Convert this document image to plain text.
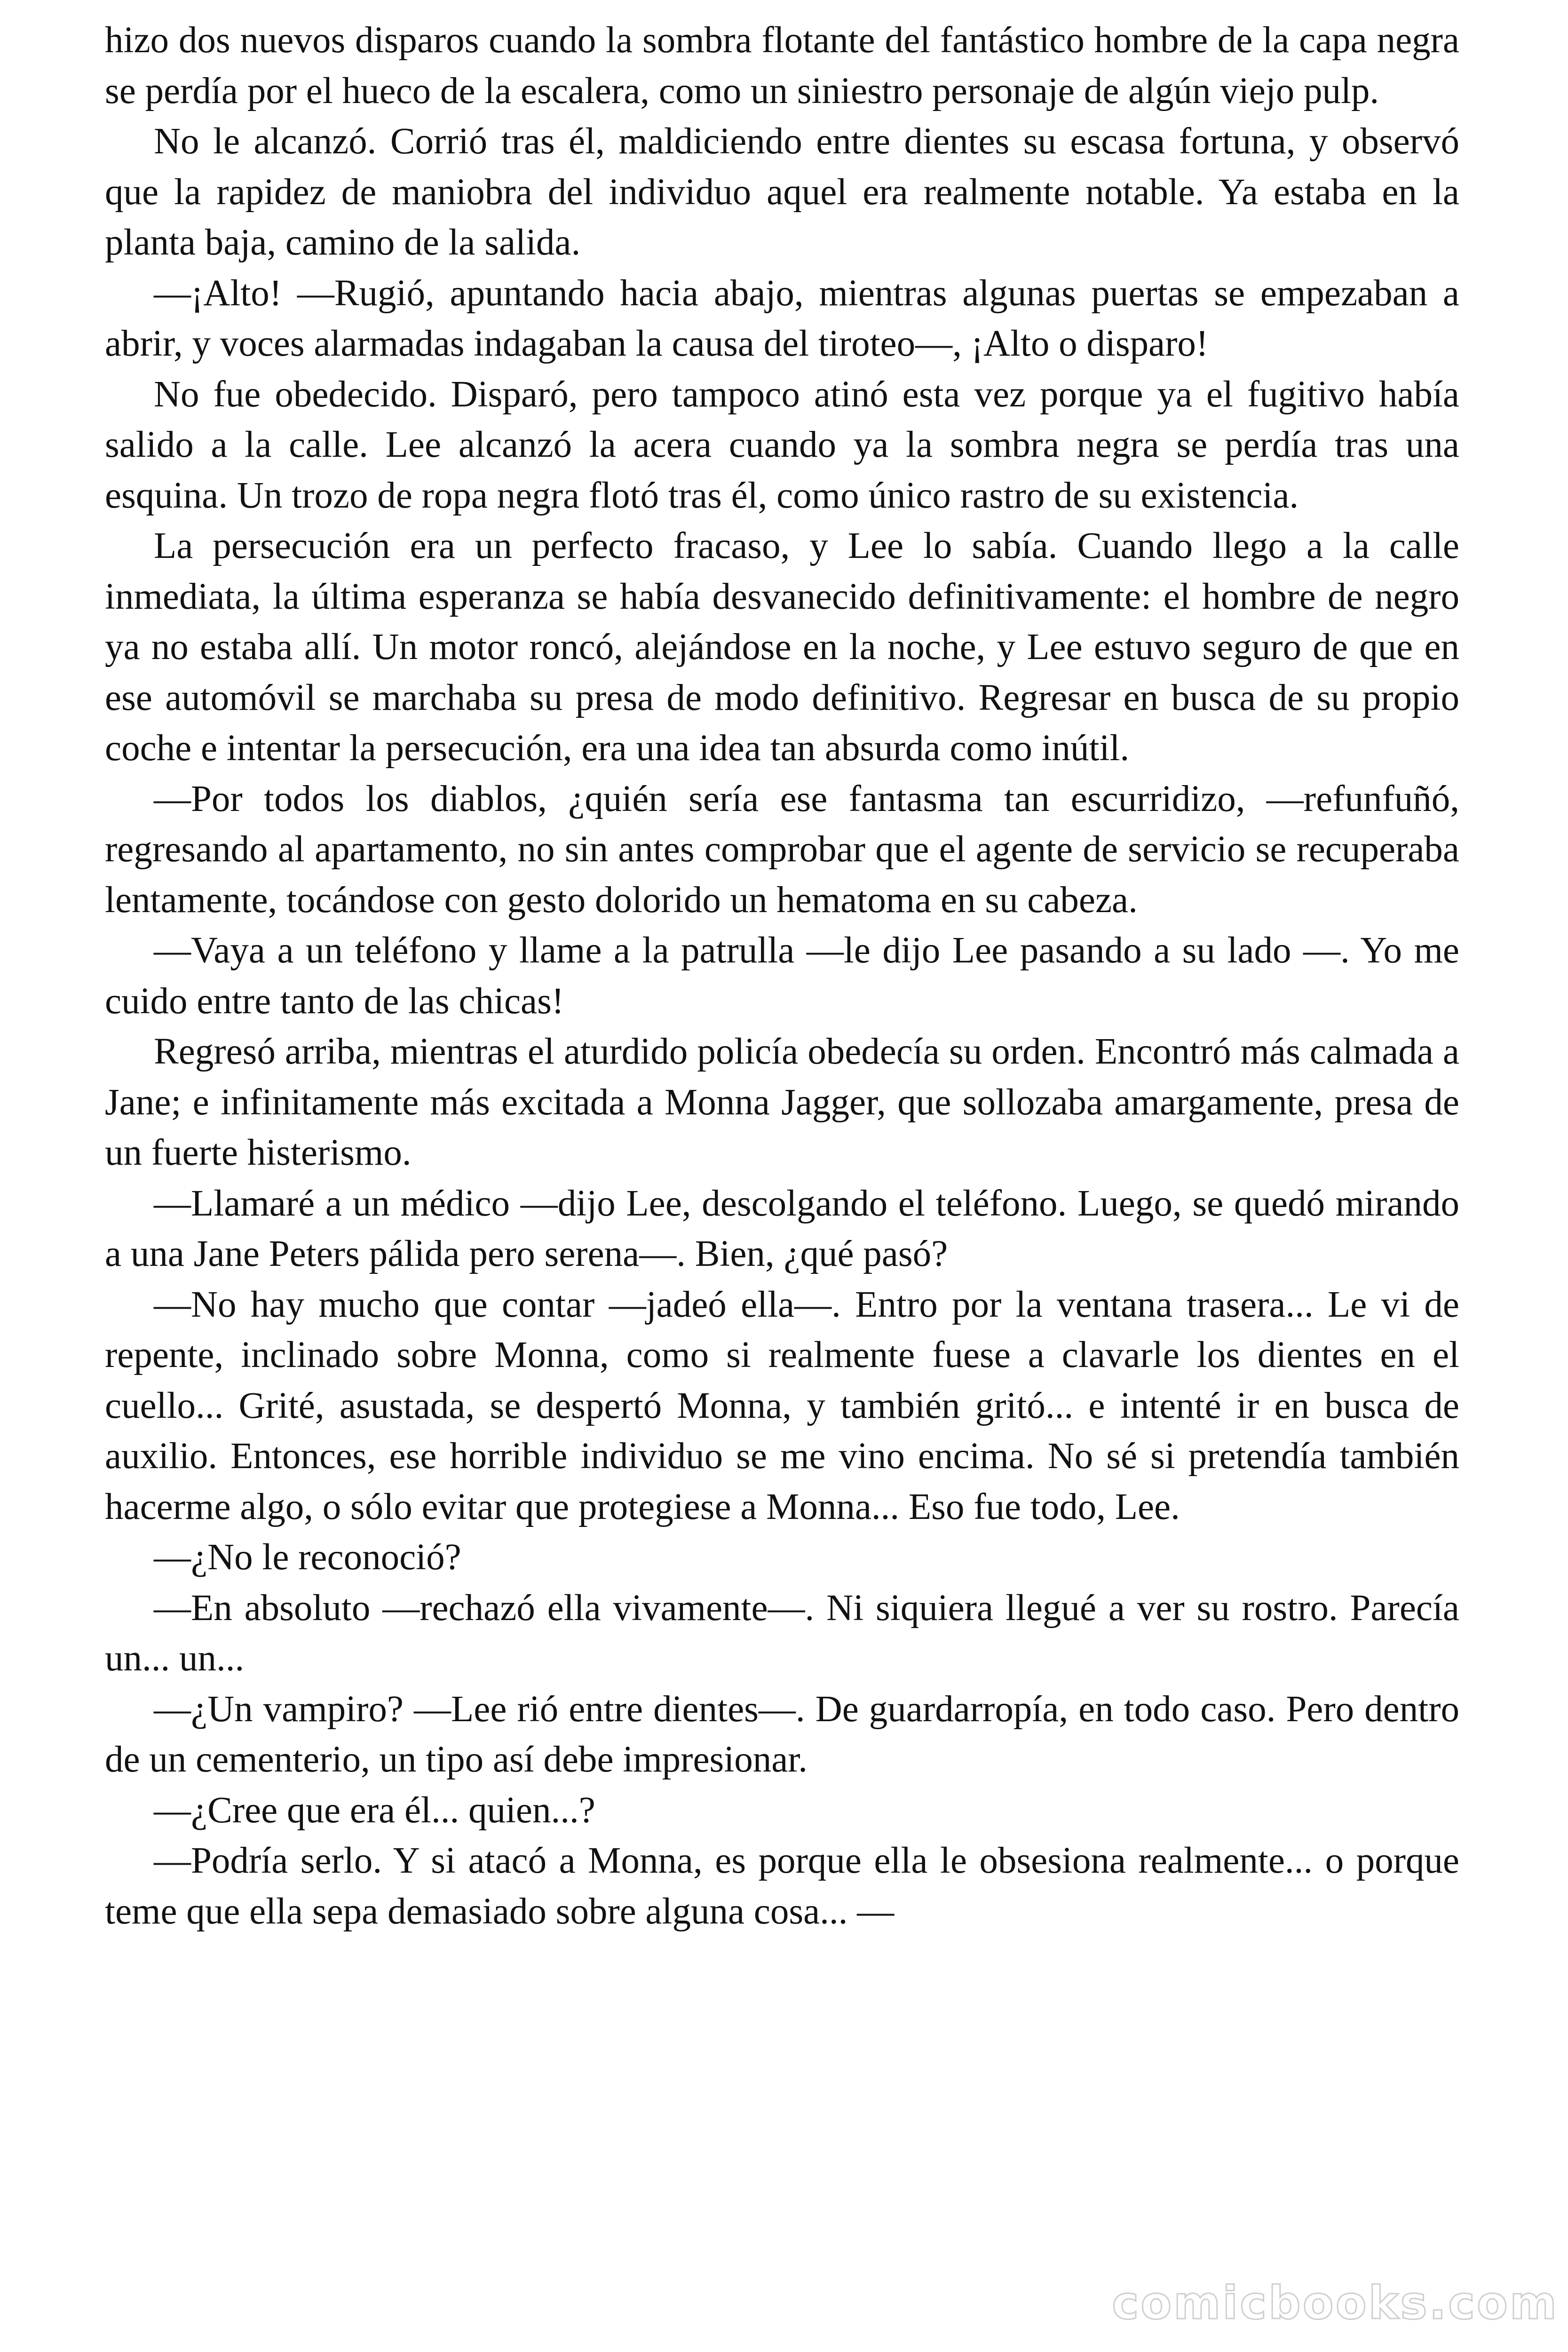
hizo dos nuevos disparos cuando la sombra flotante del fantástico hombre de la capa negra se perdía por el hueco de la escalera, como un siniestro personaje de algún viejo pulp.

No le alcanzó. Corrió tras él, maldiciendo entre dientes su escasa fortuna, y observó que la rapidez de maniobra del individuo aquel era realmente notable. Ya estaba en la planta baja, camino de la salida.

—¡Alto! —Rugió, apuntando hacia abajo, mientras algunas puertas se empezaban a abrir, y voces alarmadas indagaban la causa del tiroteo—, ¡Alto o disparo!

No fue obedecido. Disparó, pero tampoco atinó esta vez porque ya el fugitivo había salido a la calle. Lee alcanzó la acera cuando ya la sombra negra se perdía tras una esquina. Un trozo de ropa negra flotó tras él, como único rastro de su existencia.

La persecución era un perfecto fracaso, y Lee lo sabía. Cuando llego a la calle inmediata, la última esperanza se había desvanecido definitivamente: el hombre de negro ya no estaba allí. Un motor roncó, alejándose en la noche, y Lee estuvo seguro de que en ese automóvil se marchaba su presa de modo definitivo. Regresar en busca de su propio coche e intentar la persecución, era una idea tan absurda como inútil.

—Por todos los diablos, ¿quién sería ese fantasma tan escurridizo, —refunfuñó, regresando al apartamento, no sin antes comprobar que el agente de servicio se recuperaba lentamente, tocándose con gesto dolorido un hematoma en su cabeza.

—Vaya a un teléfono y llame a la patrulla —le dijo Lee pasando a su lado —. Yo me cuido entre tanto de las chicas!

Regresó arriba, mientras el aturdido policía obedecía su orden. Encontró más calmada a Jane; e infinitamente más excitada a Monna Jagger, que sollozaba amargamente, presa de un fuerte histerismo.

—Llamaré a un médico —dijo Lee, descolgando el teléfono. Luego, se quedó mirando a una Jane Peters pálida pero serena—. Bien, ¿qué pasó?

—No hay mucho que contar —jadeó ella—. Entro por la ventana trasera... Le vi de repente, inclinado sobre Monna, como si realmente fuese a clavarle los dientes en el cuello... Grité, asustada, se despertó Monna, y también gritó... e intenté ir en busca de auxilio. Entonces, ese horrible individuo se me vino encima. No sé si pretendía también hacerme algo, o sólo evitar que protegiese a Monna... Eso fue todo, Lee.

—¿No le reconoció?

—En absoluto —rechazó ella vivamente—. Ni siquiera llegué a ver su rostro. Parecía un... un...

—¿Un vampiro? —Lee rió entre dientes—. De guardarropía, en todo caso. Pero dentro de un cementerio, un tipo así debe impresionar.

—¿Cree que era él... quien...?

—Podría serlo. Y si atacó a Monna, es porque ella le obsesiona realmente... o porque teme que ella sepa demasiado sobre alguna cosa... —

comicbooks.com
